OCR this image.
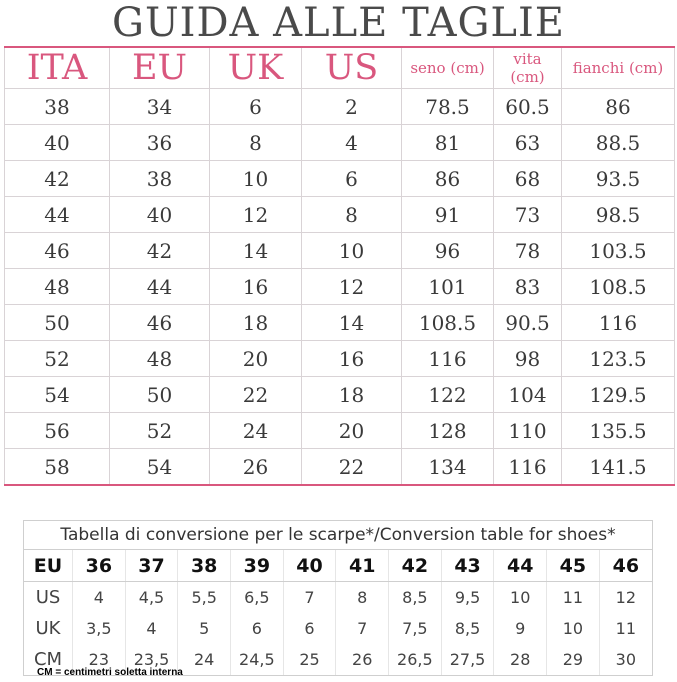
GUIDA ALLE TAGLIE
ITA	EU	UK	US	seno (cm)	vita (cm)	fianchi (cm)
38	34	6	2	78.5	60.5	86
40	36	8	4	81	63	88.5
42	38	10	6	86	68	93.5
44	40	12	8	91	73	98.5
46	42	14	10	96	78	103.5
48	44	16	12	101	83	108.5
50	46	18	14	108.5	90.5	116
52	48	20	16	116	98	123.5
54	50	22	18	122	104	129.5
56	52	24	20	128	110	135.5
58	54	26	22	134	116	141.5
Tabella di conversione per le scarpe*/Conversion table for shoes*
EU	36	37	38	39	40	41	42	43	44	45	46
US	4	4,5	5,5	6,5	7	8	8,5	9,5	10	11	12
UK	3,5	4	5	6	6	7	7,5	8,5	9	10	11
CM	23	23,5	24	24,5	25	26	26,5	27,5	28	29	30
CM = centimetri soletta interna
